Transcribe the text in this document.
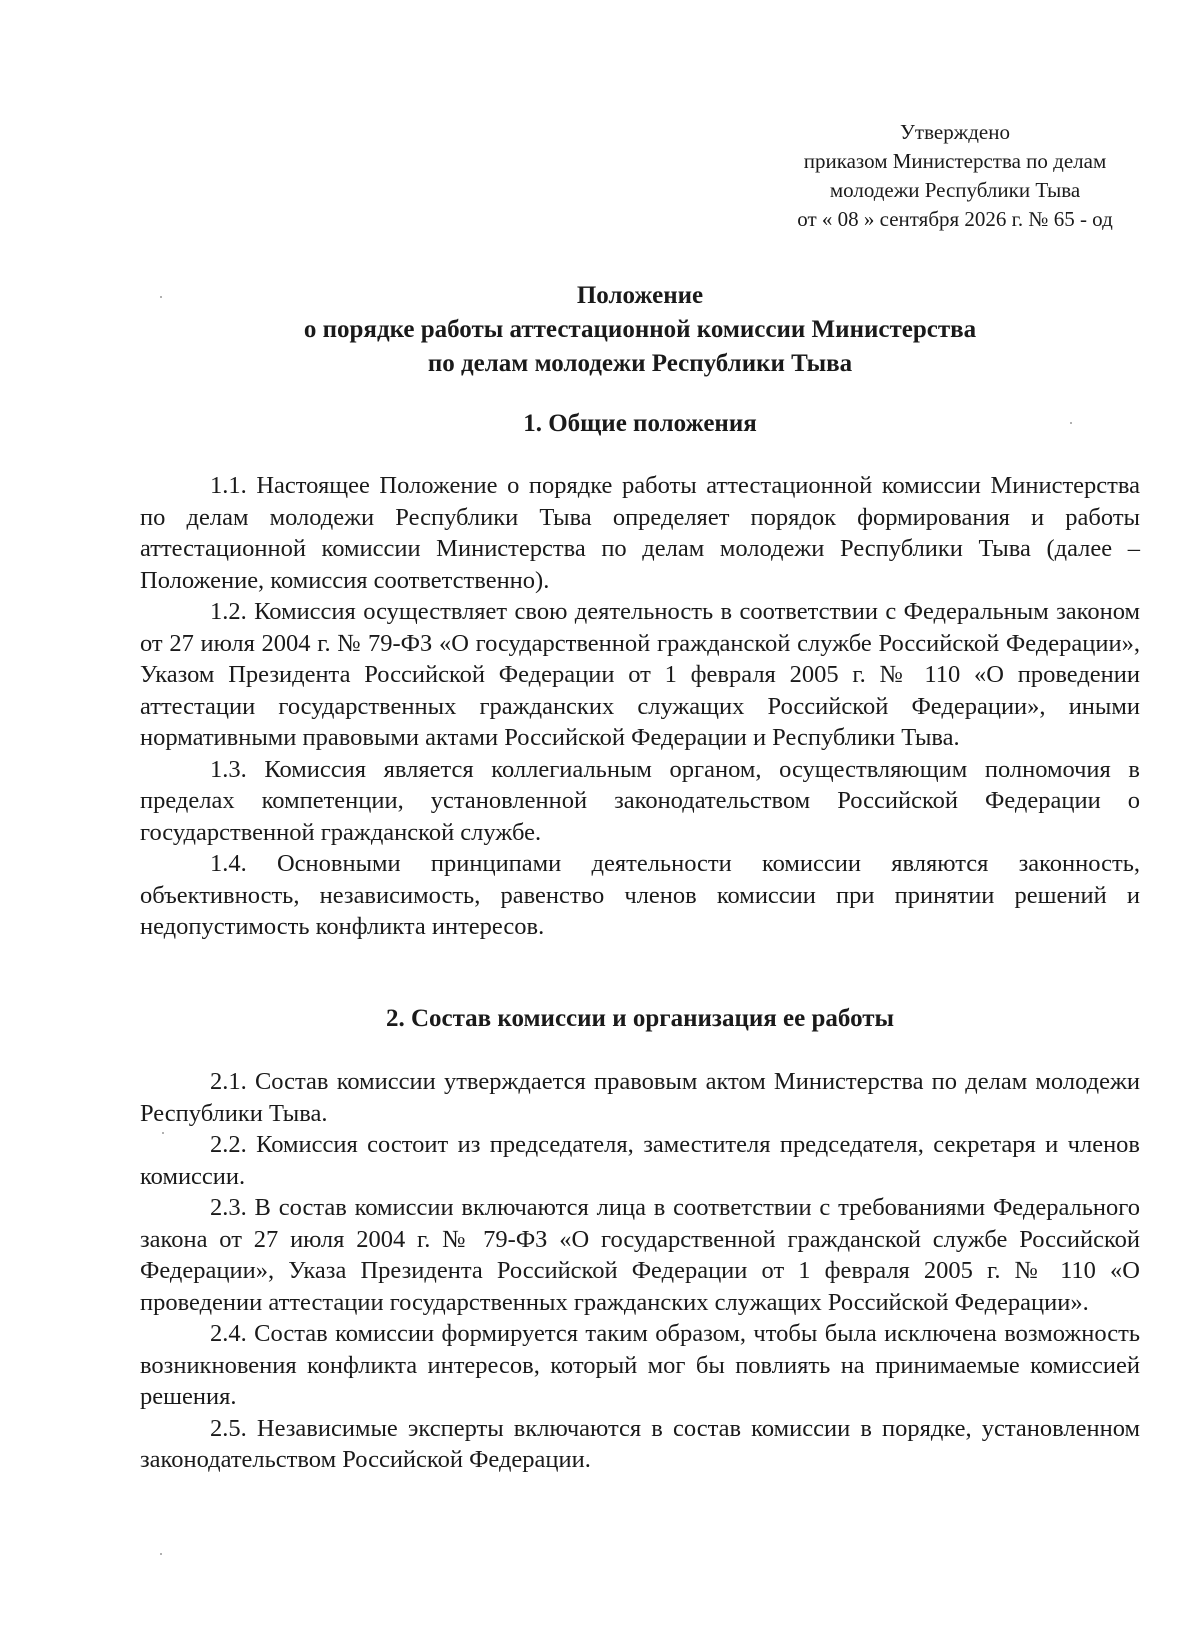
Утверждено
приказом Министерства по делам
молодежи Республики Тыва
от « 08 » сентября 2026 г. № 65 - од
Положение
о порядке работы аттестационной комиссии Министерства
по делам молодежи Республики Тыва
1. Общие положения

1.1. Настоящее Положение о порядке работы аттестационной комиссии Министерства по делам молодежи Республики Тыва определяет порядок формирования и работы аттестационной комиссии Министерства по делам молодежи Республики Тыва (далее – Положение, комиссия соответственно).

1.2. Комиссия осуществляет свою деятельность в соответствии с Федеральным законом от 27 июля 2004 г. № 79-ФЗ «О государственной гражданской службе Российской Федерации», Указом Президента Российской Федерации от 1 февраля 2005 г. № 110 «О проведении аттестации государственных гражданских служащих Российской Федерации», иными нормативными правовыми актами Российской Федерации и Республики Тыва.

1.3. Комиссия является коллегиальным органом, осуществляющим полномочия в пределах компетенции, установленной законодательством Российской Федерации о государственной гражданской службе.

1.4. Основными принципами деятельности комиссии являются законность, объективность, независимость, равенство членов комиссии при принятии решений и недопустимость конфликта интересов.

2. Состав комиссии и организация ее работы

2.1. Состав комиссии утверждается правовым актом Министерства по делам молодежи Республики Тыва.

2.2. Комиссия состоит из председателя, заместителя председателя, секретаря и членов комиссии.

2.3. В состав комиссии включаются лица в соответствии с требованиями Федерального закона от 27 июля 2004 г. № 79-ФЗ «О государственной гражданской службе Российской Федерации», Указа Президента Российской Федерации от 1 февраля 2005 г. № 110 «О проведении аттестации государственных гражданских служащих Российской Федерации».

2.4. Состав комиссии формируется таким образом, чтобы была исключена возможность возникновения конфликта интересов, который мог бы повлиять на принимаемые комиссией решения.

2.5. Независимые эксперты включаются в состав комиссии в порядке, установленном законодательством Российской Федерации.
